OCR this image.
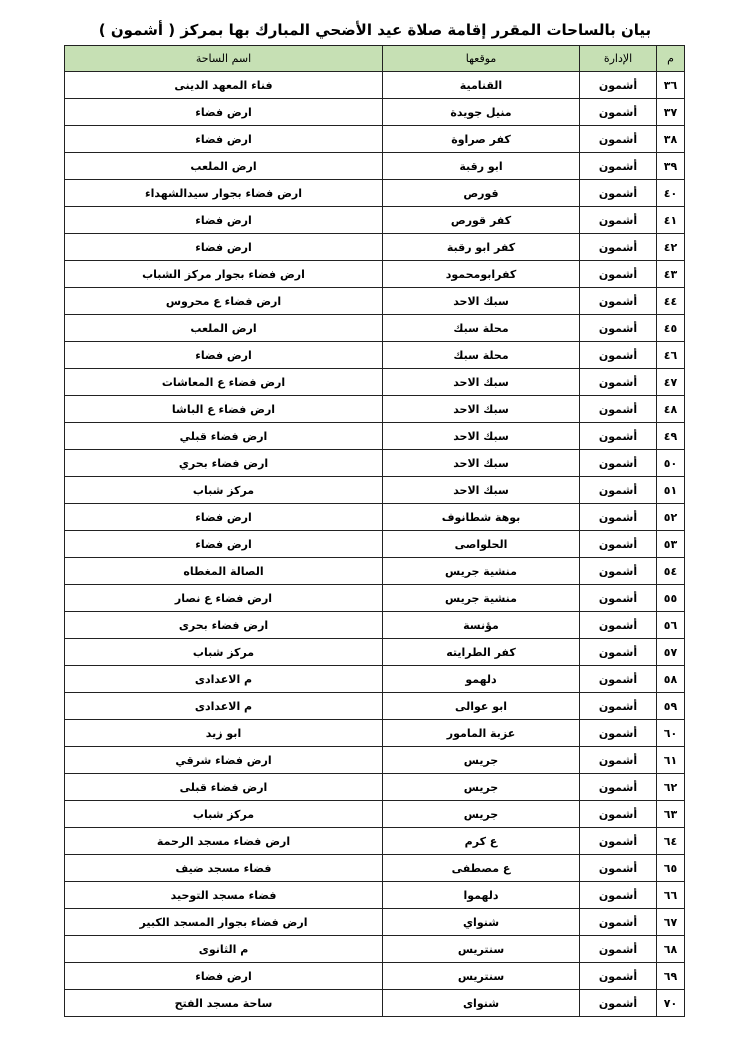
بيان بالساحات المقرر إقامة صلاة عيد الأضحي المبارك بها بمركز ( أشمون )
م	الإدارة	موقعها	اسم الساحة
٣٦	أشمون	القنامية	فناء المعهد الدينى
٣٧	أشمون	منيل جويدة	ارض فضاء
٣٨	أشمون	كفر صراوة	ارض فضاء
٣٩	أشمون	ابو رقبة	ارض الملعب
٤٠	أشمون	قورص	ارض فضاء بجوار سيدالشهداء
٤١	أشمون	كفر قورص	ارض فضاء
٤٢	أشمون	كفر ابو رقبة	ارض فضاء
٤٣	أشمون	كفرابومحمود	ارض فضاء بجوار مركز الشباب
٤٤	أشمون	سبك الاحد	ارض فضاء ع محروس
٤٥	أشمون	محلة سبك	ارض الملعب
٤٦	أشمون	محلة سبك	ارض فضاء
٤٧	أشمون	سبك الاحد	ارض فضاء ع المعاشات
٤٨	أشمون	سبك الاحد	ارض فضاء ع الباشا
٤٩	أشمون	سبك الاحد	ارض فضاء قبلي
٥٠	أشمون	سبك الاحد	ارض فضاء بحري
٥١	أشمون	سبك الاحد	مركز شباب
٥٢	أشمون	بوهة شطانوف	ارض فضاء
٥٣	أشمون	الحلواصى	ارض فضاء
٥٤	أشمون	منشية جريس	الصالة المغطاه
٥٥	أشمون	منشية جريس	ارض فضاء ع نصار
٥٦	أشمون	مؤنسة	ارض فضاء بحرى
٥٧	أشمون	كفر الطرايته	مركز شباب
٥٨	أشمون	دلهمو	م الاعدادى
٥٩	أشمون	ابو عوالى	م الاعدادى
٦٠	أشمون	عزبة المامور	ابو زيد
٦١	أشمون	جريس	ارض فضاء شرقي
٦٢	أشمون	جريس	ارض فضاء قبلى
٦٣	أشمون	جريس	مركز شباب
٦٤	أشمون	ع كرم	ارض فضاء مسجد الرحمة
٦٥	أشمون	ع مصطفى	فضاء مسجد ضيف
٦٦	أشمون	دلهموا	فضاء مسجد التوحيد
٦٧	أشمون	شنواي	ارض فضاء بجوار المسجد الكبير
٦٨	أشمون	سنتريس	م الثانوى
٦٩	أشمون	سنتريس	ارض فضاء
٧٠	أشمون	شنواى	ساحة مسجد الفتح
